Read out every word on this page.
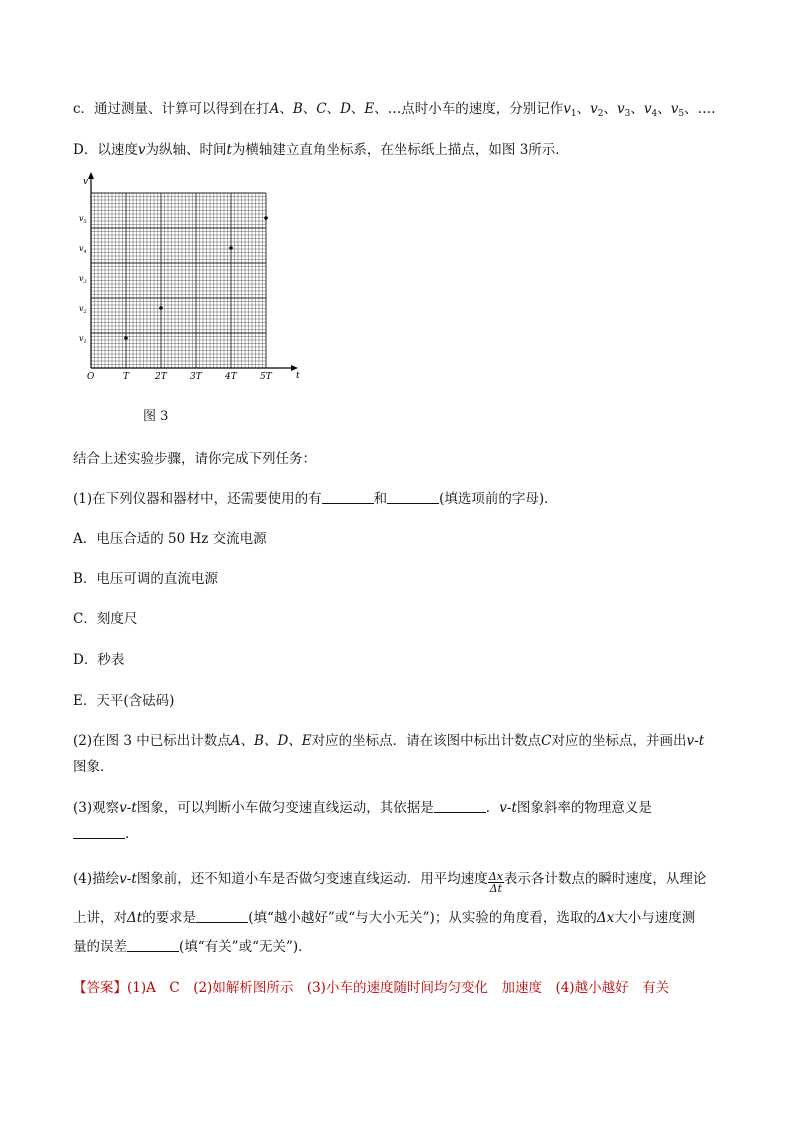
c．通过测量、计算可以得到在打A、B、C、D、E、…点时小车的速度，分别记作$v_1$、$v_2$、$v_3$、$v_4$、$v_5$、….
D．以速度v为纵轴、时间t为横轴建立直角坐标系，在坐标纸上描点，如图 3所示．
t
v
O	T	2T	3T	4T	5T
$v_1$
$v_2$
$v_3$
$v_4$
$v_5$
图 3
结合上述实验步骤，请你完成下列任务：
(1)在下列仪器和器材中，还需要使用的有	和	(填选项前的字母)．
A．电压合适的 50 Hz 交流电源
B．电压可调的直流电源
C．刻度尺
D．秒表
E．天平(含砝码)
(2)在图 3 中已标出计数点A、B、D、E对应的坐标点．请在该图中标出计数点C对应的坐标点，并画出v-t
图象．
(3)观察v-t图象，可以判断小车做匀变速直线运动，其依据是	．v-t图象斜率的物理意义是
．
(4)描绘v-t图象前，还不知道小车是否做匀变速直线运动．用平均速度 $\frac{\Delta x}{\Delta t}$ 表示各计数点的瞬时速度，从理论
上讲，对Δt的要求是	(填“越小越好”或“与大小无关”)；从实验的角度看，选取的Δx大小与速度测
量的误差	(填“有关”或“无关”)．
【答案】(1)A　C　(2)如解析图所示　(3)小车的速度随时间均匀变化　加速度　(4)越小越好　有关
